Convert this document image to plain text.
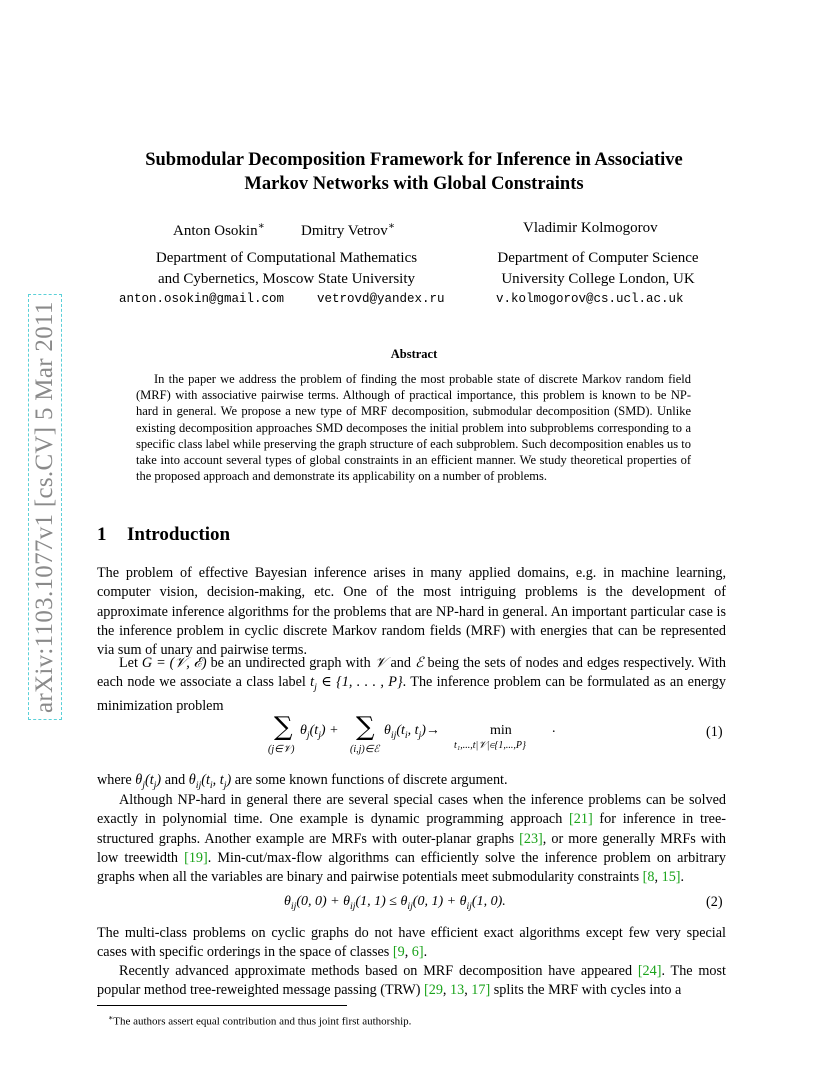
arXiv:1103.1077v1 [cs.CV] 5 Mar 2011
Submodular Decomposition Framework for Inference in Associative
Markov Networks with Global Constraints
Anton Osokin∗ Dmitry Vetrov∗	Vladimir Kolmogorov
Department of Computational Mathematics
and Cybernetics, Moscow State University
Department of Computer Science
University College London, UK
anton.osokin@gmail.com	vetrovd@yandex.ru	v.kolmogorov@cs.ucl.ac.uk
Abstract
In the paper we address the problem of finding the most probable state of discrete Markov random field (MRF) with associative pairwise terms. Although of practical importance, this problem is known to be NP-hard in general. We propose a new type of MRF decomposition, submodular decomposition (SMD). Unlike existing decomposition approaches SMD decomposes the initial problem into subproblems corresponding to a specific class label while preserving the graph structure of each subproblem. Such decomposition enables us to take into account several types of global constraints in an efficient manner. We study theoretical properties of the proposed approach and demonstrate its applicability on a number of problems.
1 Introduction
The problem of effective Bayesian inference arises in many applied domains, e.g. in machine learning, computer vision, decision-making, etc. One of the most intriguing problems is the development of approximate inference algorithms for the problems that are NP-hard in general. An important particular case is the inference problem in cyclic discrete Markov random fields (MRF) with energies that can be represented via sum of unary and pairwise terms.
Let G = (𝒱, ℰ) be an undirected graph with 𝒱 and ℰ being the sets of nodes and edges respectively. With each node we associate a class label $t_j$ ∈ {1, . . . , P}. The inference problem can be formulated as an energy minimization problem
∑
(j∈𝒱)
$\theta_j(t_j)$ + ∑
(i,j)∈ℰ
$\theta_{ij}(t_i$, $t_j)\to$	min
t₁,...,t|𝒱|∈{1,...,P}
.	(1)
where $\theta_j(t_j)$ and $\theta_{ij}(t_i$, $t_j$) are some known functions of discrete argument.
Although NP-hard in general there are several special cases when the inference problems can be solved exactly in polynomial time. One example is dynamic programming approach [21] for inference in tree-structured graphs. Another example are MRFs with outer-planar graphs [23], or more generally MRFs with low treewidth [19]. Min-cut/max-flow algorithms can efficiently solve the inference problem on arbitrary graphs when all the variables are binary and pairwise potentials meet submodularity constraints [8, 15].
$\theta_{ij}(0$, $0) + \theta_{ij}(1$, $1) \le \theta_{ij}(0$, $1) + \theta_{ij}(1$, 0).	(2)
The multi-class problems on cyclic graphs do not have efficient exact algorithms except few very special cases with specific orderings in the space of classes [9, 6].
Recently advanced approximate methods based on MRF decomposition have appeared [24]. The most popular method tree-reweighted message passing (TRW) [29, 13, 17] splits the MRF with cycles into a
∗The authors assert equal contribution and thus joint first authorship.
